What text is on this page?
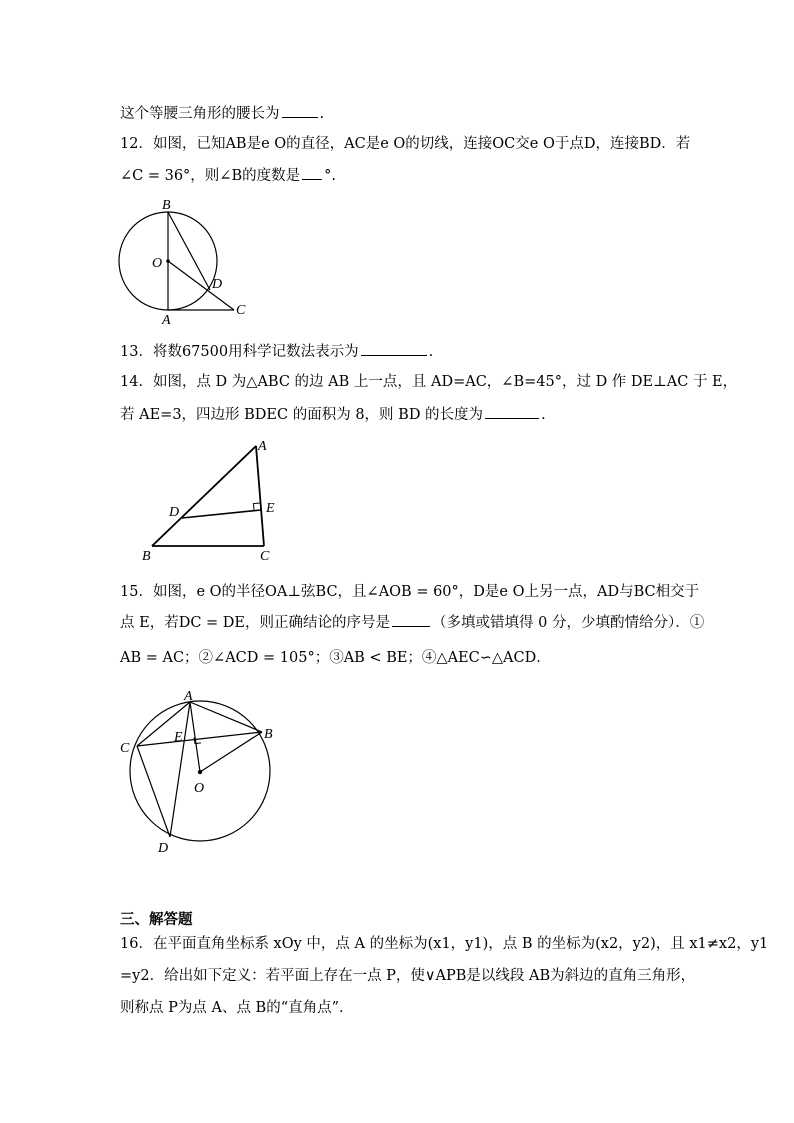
这个等腰三角形的腰长为	.
12．如图，已知AB是e O的直径，AC是e O的切线，连接OC交e O于点D，连接BD．若
∠C = 36°，则∠B的度数是 °.
B
O
D
C
A
13．将数67500用科学记数法表示为	.
14．如图，点 D 为△ABC 的边 AB 上一点，且 AD=AC，∠B=45°，过 D 作 DE⊥AC 于 E，
若 AE=3，四边形 BDEC 的面积为 8，则 BD 的长度为	.
A
D	E
B	C
15．如图，e O的半径OA⊥弦BC，且∠AOB = 60°，D是e O上另一点，AD与BC相交于
点 E，若DC = DE，则正确结论的序号是	（多填或错填得 0 分，少填酌情给分）．①
AB = AC；②∠ACD = 105°；③AB < BE；④△AEC∽△ACD．
A
B
C
E
O
D
三、解答题
16．在平面直角坐标系 xOy 中，点 A 的坐标为(x1，y1)，点 B 的坐标为(x2，y2)，且 x1≠x2，y1
=y2．给出如下定义：若平面上存在一点 P，使∨APB是以线段 AB为斜边的直角三角形，
则称点 P为点 A、点 B的“直角点”．
